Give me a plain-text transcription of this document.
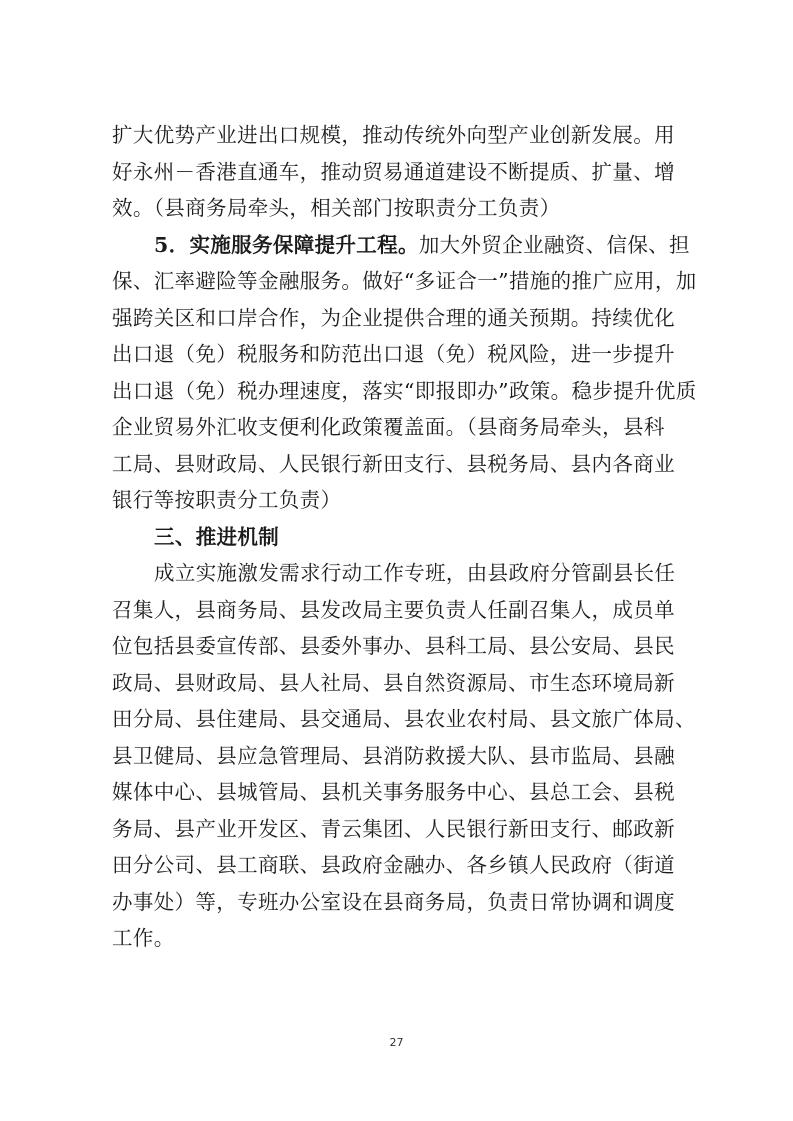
扩大优势产业进出口规模，推动传统外向型产业创新发展。用
好永州－香港直通车，推动贸易通道建设不断提质、扩量、增
效。（县商务局牵头，相关部门按职责分工负责）
5．实施服务保障提升工程。加大外贸企业融资、信保、担
保、汇率避险等金融服务。做好“多证合一”措施的推广应用，加
强跨关区和口岸合作，为企业提供合理的通关预期。持续优化
出口退（免）税服务和防范出口退（免）税风险，进一步提升
出口退（免）税办理速度，落实“即报即办”政策。稳步提升优质
企业贸易外汇收支便利化政策覆盖面。（县商务局牵头，县科
工局、县财政局、人民银行新田支行、县税务局、县内各商业
银行等按职责分工负责）
三、推进机制
成立实施激发需求行动工作专班，由县政府分管副县长任
召集人，县商务局、县发改局主要负责人任副召集人，成员单
位包括县委宣传部、县委外事办、县科工局、县公安局、县民
政局、县财政局、县人社局、县自然资源局、市生态环境局新
田分局、县住建局、县交通局、县农业农村局、县文旅广体局、
县卫健局、县应急管理局、县消防救援大队、县市监局、县融
媒体中心、县城管局、县机关事务服务中心、县总工会、县税
务局、县产业开发区、青云集团、人民银行新田支行、邮政新
田分公司、县工商联、县政府金融办、各乡镇人民政府（街道
办事处）等，专班办公室设在县商务局，负责日常协调和调度
工作。
27
